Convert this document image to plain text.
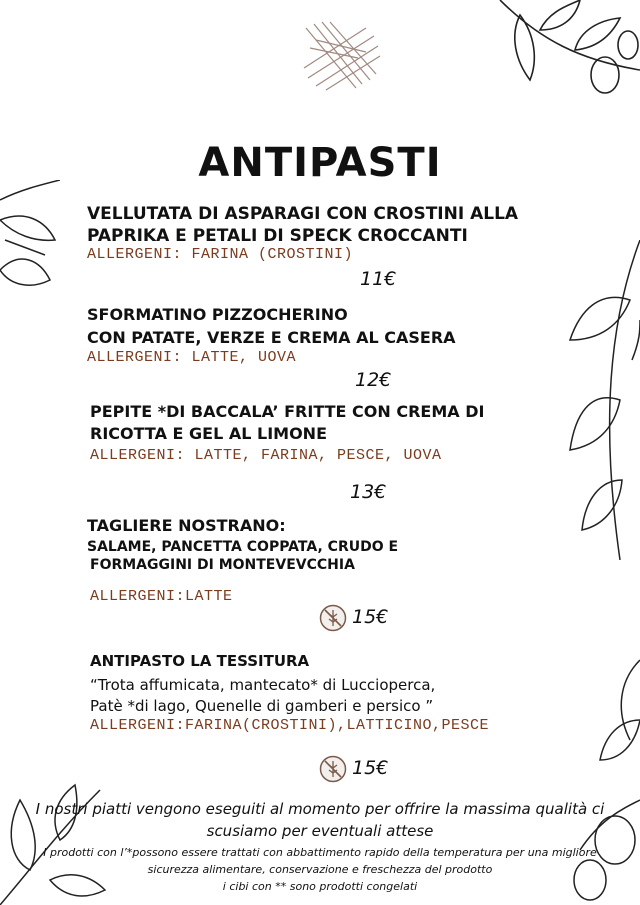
ANTIPASTI
VELLUTATA DI ASPARAGI CON CROSTINI ALLA
PAPRIKA E PETALI DI SPECK CROCCANTI
ALLERGENI: FARINA (CROSTINI)
11€
SFORMATINO PIZZOCHERINO
CON PATATE, VERZE E CREMA AL CASERA
ALLERGENI: LATTE, UOVA
12€
PEPITE *DI BACCALA’ FRITTE CON CREMA DI
RICOTTA E GEL AL LIMONE
ALLERGENI: LATTE, FARINA, PESCE, UOVA
13€
TAGLIERE NOSTRANO:
SALAME, PANCETTA COPPATA, CRUDO E
FORMAGGINI DI MONTEVEVCCHIA
ALLERGENI:LATTE
15€
ANTIPASTO LA TESSITURA
“Trota affumicata, mantecato* di Luccioperca,
Patè *di lago, Quenelle di gamberi e persico ”
ALLERGENI:FARINA(CROSTINI),LATTICINO,PESCE
15€
I nostri piatti vengono eseguiti al momento per offrire la massima qualità ci
scusiamo per eventuali attese
I prodotti con l’*possono essere trattati con abbattimento rapido della temperatura per una migliore
sicurezza alimentare, conservazione e freschezza del prodotto
i cibi con ** sono prodotti congelati
